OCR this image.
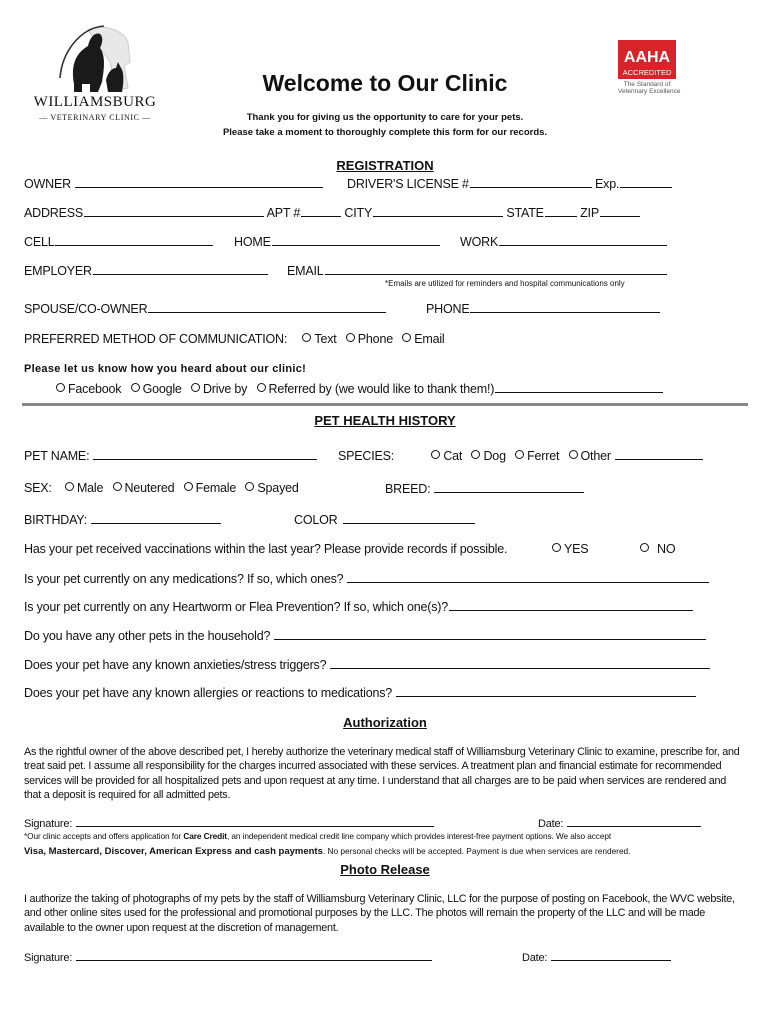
WILLIAMSBURG
— VETERINARY CLINIC —
AAHA
ACCREDITED
The Standard of
Veterinary Excellence
Welcome to Our Clinic
Thank you for giving us the opportunity to care for your pets.
Please take a moment to thoroughly complete this form for our records.
REGISTRATION
OWNER	DRIVER'S LICENSE #	Exp.
ADDRESS	APT #	CITY	STATE	ZIP
CELL	HOME	WORK
EMPLOYER	EMAIL
*Emails are utilized for reminders and hospital communications only
SPOUSE/CO-OWNER	PHONE
PREFERRED METHOD OF COMMUNICATION: Text Phone Email
Please let us know how you heard about our clinic!
Facebook Google Drive by Referred by (we would like to thank them!)
PET HEALTH HISTORY
PET NAME:	SPECIES:	Cat Dog Ferret Other
SEX: Male Neutered Female Spayed	BREED:
BIRTHDAY:	COLOR
Has your pet received vaccinations within the last year? Please provide records if possible.	YES	NO
Is your pet currently on any medications? If so, which ones?
Is your pet currently on any Heartworm or Flea Prevention? If so, which one(s)?
Do you have any other pets in the household?
Does your pet have any known anxieties/stress triggers?
Does your pet have any known allergies or reactions to medications?
Authorization
As the rightful owner of the above described pet, I hereby authorize the veterinary medical staff of Williamsburg Veterinary Clinic to examine, prescribe for, and treat said pet. I assume all responsibility for the charges incurred associated with these services. A treatment plan and financial estimate for recommended services will be provided for all hospitalized pets and upon request at any time. I understand that all charges are to be paid when services are rendered and that a deposit is required for all admitted pets.
Signature:	Date:
*Our clinic accepts and offers application for Care Credit, an independent medical credit line company which provides interest-free payment options. We also accept
Visa, Mastercard, Discover, American Express and cash payments. No personal checks will be accepted. Payment is due when services are rendered.
Photo Release
I authorize the taking of photographs of my pets by the staff of Williamsburg Veterinary Clinic, LLC for the purpose of posting on Facebook, the WVC website, and other online sites used for the professional and promotional purposes by the LLC. The photos will remain the property of the LLC and will be made available to the owner upon request at the discretion of management.
Signature:	Date:
